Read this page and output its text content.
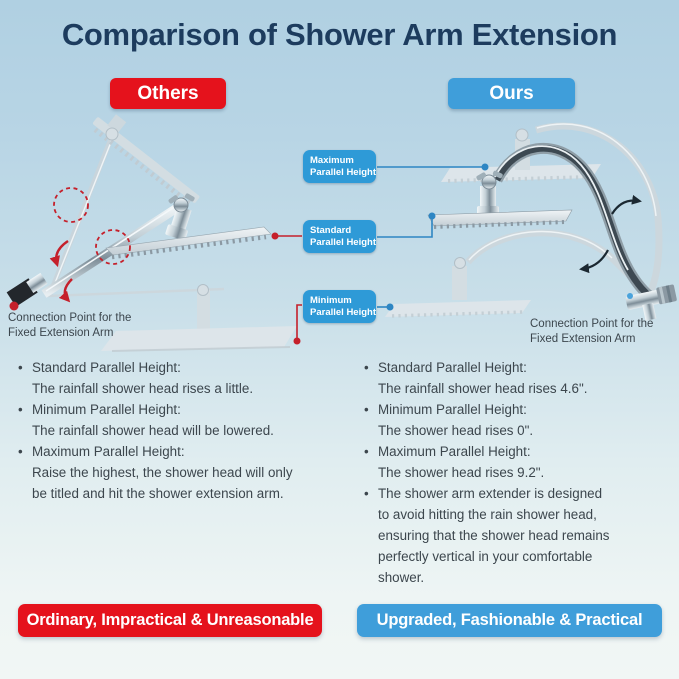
Comparison of Shower Arm Extension
Others	Ours
Maximum
Parallel Height
Standard
Parallel Height
Minimum
Parallel Height
Connection Point for the
Fixed Extension Arm
Connection Point for the
Fixed Extension Arm
• Standard Parallel Height:
The rainfall shower head rises a little.
• Minimum Parallel Height:
The rainfall shower head will be lowered.
• Maximum Parallel Height:
Raise the highest, the shower head will only
be titled and hit the shower extension arm.
• Standard Parallel Height:
The rainfall shower head rises 4.6".
• Minimum Parallel Height:
The shower head rises 0".
• Maximum Parallel Height:
The shower head rises 9.2".
• The shower arm extender is designed
to avoid hitting the rain shower head,
ensuring that the shower head remains
perfectly vertical in your comfortable
shower.
Ordinary, Impractical & Unreasonable	Upgraded, Fashionable & Practical
